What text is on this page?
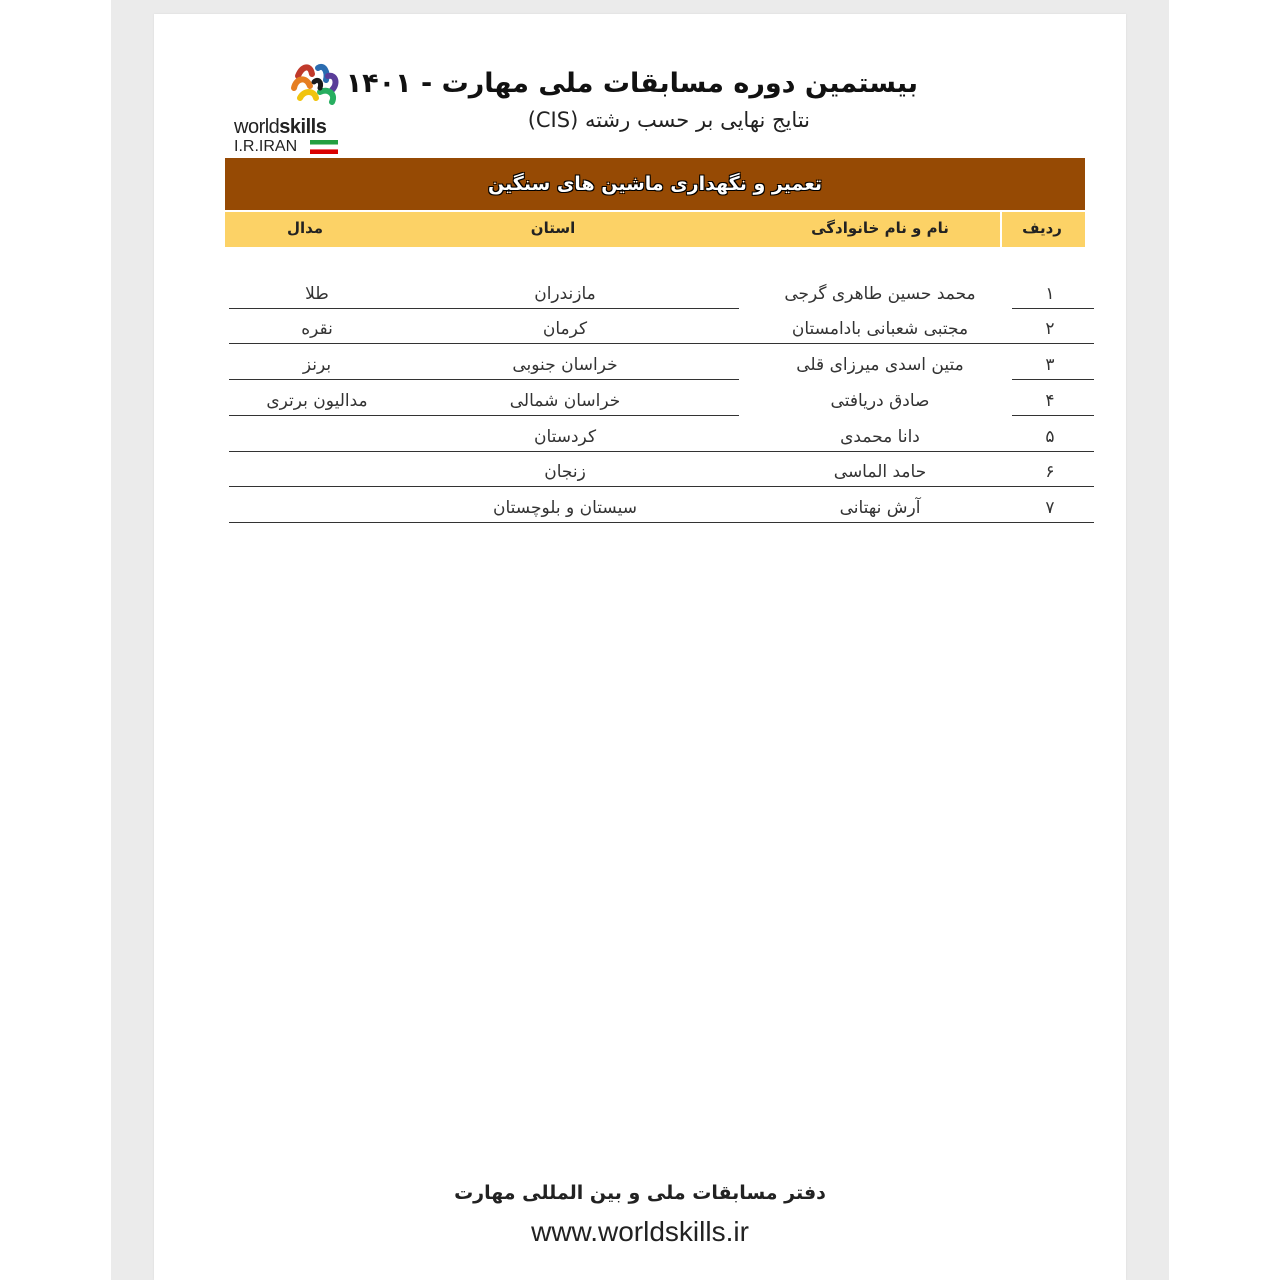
worldskills
I.R.IRAN
بیستمین دوره مسابقات ملی مهارت - ۱۴۰۱
نتایج نهایی بر حسب رشته (CIS)
تعمیر و نگهداری ماشین های سنگین
ردیف
نام و نام خانوادگی
استان
مدال
۱
محمد حسین طاهری گرجی
مازندران
طلا
۲
مجتبی شعبانی بادامستان
کرمان
نقره
۳
متین اسدی میرزای قلی
خراسان جنوبی
برنز
۴
صادق دریافتی
خراسان شمالی
مدالیون برتری
۵
دانا محمدی
کردستان
۶
حامد الماسی
زنجان
۷
آرش نهتانی
سیستان و بلوچستان
دفتر مسابقات ملی و بین المللی مهارت
www.worldskills.ir
